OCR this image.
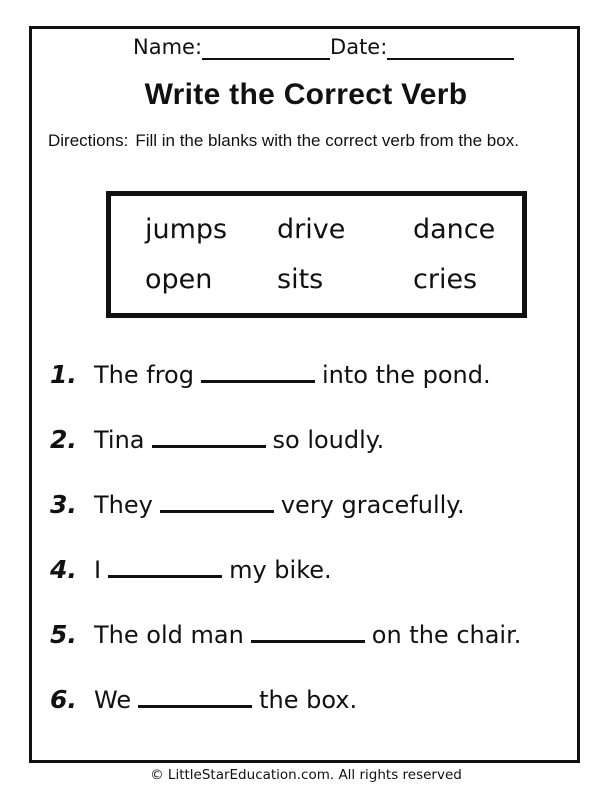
Name:	Date:
Write the Correct Verb
Directions: Fill in the blanks with the correct verb from the box.
jumps	drive	dance
open	sits	cries
1. The frog	into the pond.
2. Tina	so loudly.
3. They	very gracefully.
4. I	my bike.
5. The old man	on the chair.
6. We	the box.
© LittleStarEducation.com. All rights reserved
